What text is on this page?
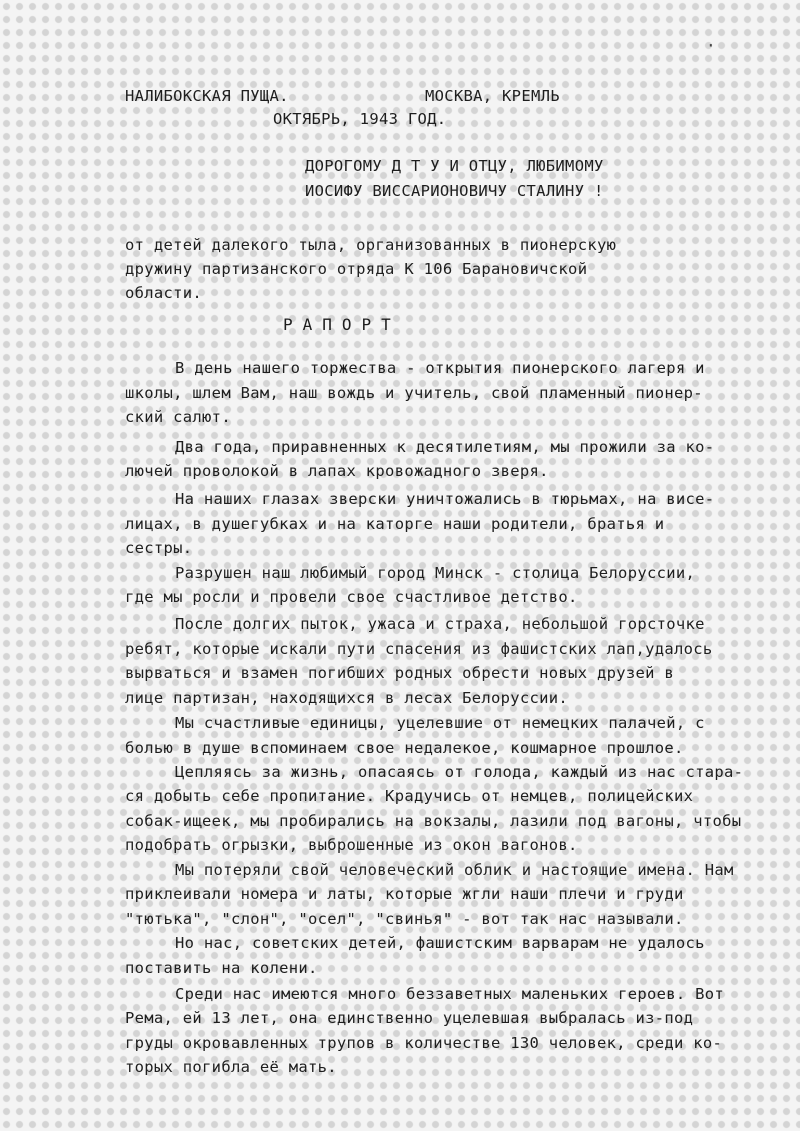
·
НАЛИБОКСКАЯ ПУЩА.	МОСКВА, КРЕМЛЬ
ОКТЯБРЬ, 1943 ГОД.
ДОРОГОМУ Д Т У И ОТЦУ, ЛЮБИМОМУ
ИОСИФУ ВИССАРИОНОВИЧУ СТАЛИНУ !
от детей далекого тыла, организованных в пионерскую
дружину партизанского отряда К 106 Барановичской
области.
РАПОРТ
В день нашего торжества - открытия пионерского лагеря и
школы, шлем Вам, наш вождь и учитель, свой пламенный пионер-
ский салют.
Два года, приравненных к десятилетиям, мы прожили за ко-
лючей проволокой в лапах кровожадного зверя.
На наших глазах зверски уничтожались в тюрьмах, на висе-
лицах, в душегубках и на каторге наши родители, братья и
сестры.
Разрушен наш любимый город Минск - столица Белоруссии,
где мы росли и провели свое счастливое детство.
После долгих пыток, ужаса и страха, небольшой горсточке
ребят, которые искали пути спасения из фашистских лап,удалось
вырваться и взамен погибших родных обрести новых друзей в
лице партизан, находящихся в лесах Белоруссии.
Мы счастливые единицы, уцелевшие от немецких палачей, с
болью в душе вспоминаем свое недалекое, кошмарное прошлое.
Цепляясь за жизнь, опасаясь от голода, каждый из нас стара-
ся добыть себе пропитание. Крадучись от немцев, полицейских
собак-ищеек, мы пробирались на вокзалы, лазили под вагоны, чтобы
подобрать огрызки, выброшенные из окон вагонов.
Мы потеряли свой человеческий облик и настоящие имена. Нам
приклеивали номера и латы, которые жгли наши плечи и груди
"тютька", "слон", "осел", "свинья" - вот так нас называли.
Но нас, советских детей, фашистским варварам не удалось
поставить на колени.
Среди нас имеются много беззаветных маленьких героев. Вот
Рема, ей 13 лет, она единственно уцелевшая выбралась из-под
груды окровавленных трупов в количестве 130 человек, среди ко-
торых погибла её мать.
